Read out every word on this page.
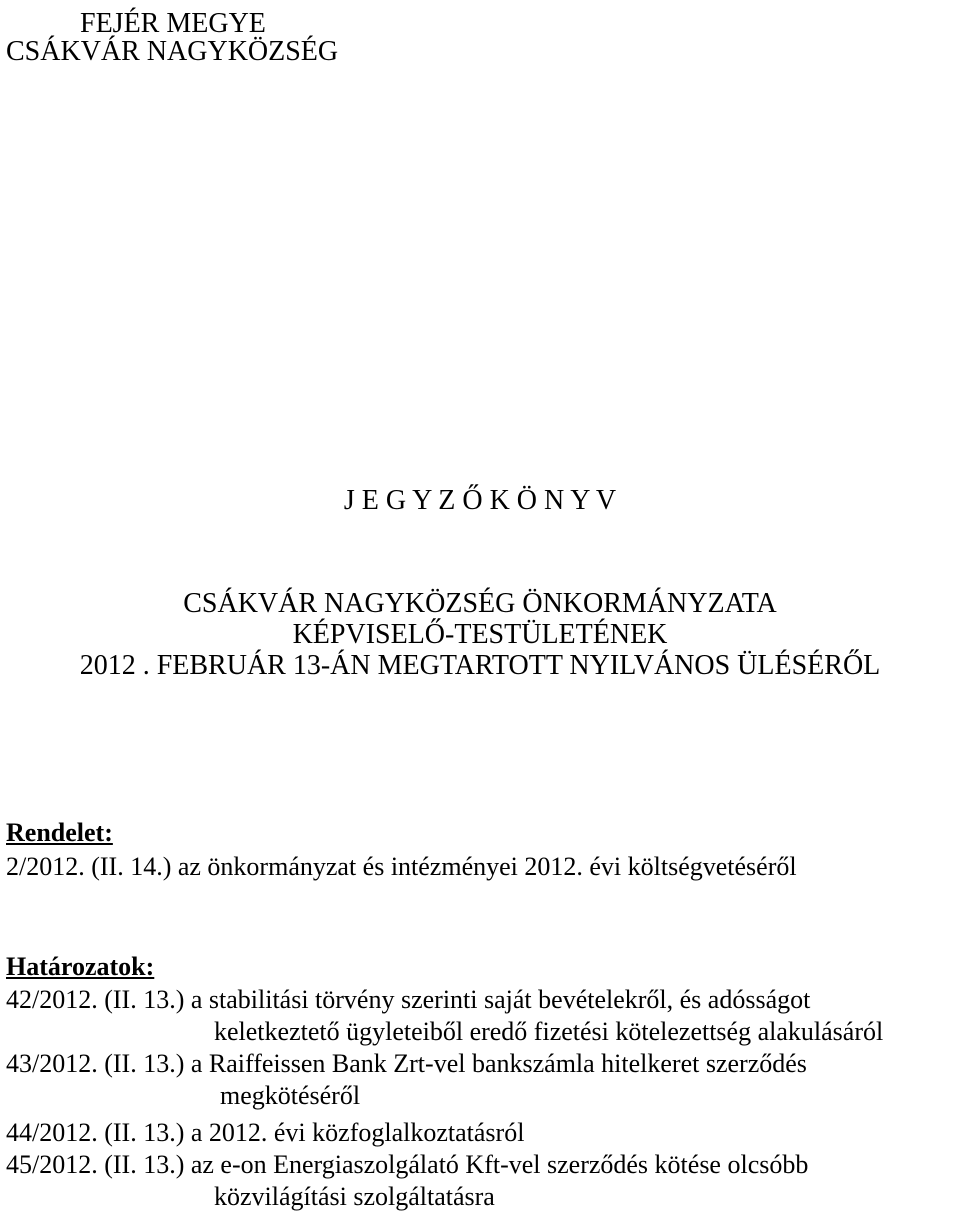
FEJÉR MEGYE
CSÁKVÁR NAGYKÖZSÉG
J E G Y Z Ő K Ö N Y V
CSÁKVÁR NAGYKÖZSÉG ÖNKORMÁNYZATA
KÉPVISELŐ-TESTÜLETÉNEK
2012 . FEBRUÁR 13-ÁN MEGTARTOTT NYILVÁNOS ÜLÉSÉRŐL
Rendelet:
2/2012. (II. 14.) az önkormányzat és intézményei 2012. évi költségvetéséről
Határozatok:
42/2012. (II. 13.) a stabilitási törvény szerinti saját bevételekről, és adósságot
keletkeztető ügyleteiből eredő fizetési kötelezettség alakulásáról
43/2012. (II. 13.) a Raiffeissen Bank Zrt-vel bankszámla hitelkeret szerződés
megkötéséről
44/2012. (II. 13.) a 2012. évi közfoglalkoztatásról
45/2012. (II. 13.) az e-on Energiaszolgálató Kft-vel szerződés kötése olcsóbb
közvilágítási szolgáltatásra
